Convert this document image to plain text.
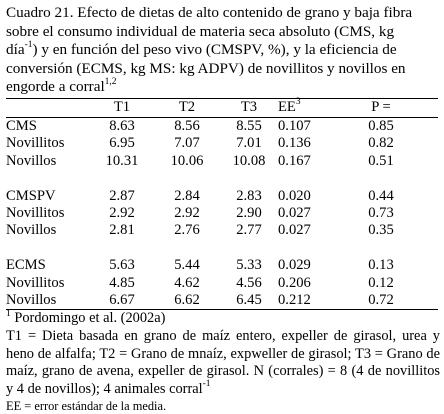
Cuadro 21. Efecto de dietas de alto contenido de grano y baja fibra
sobre el consumo individual de materia seca absoluto (CMS, kg
día$^{-1}$) y en función del peso vivo (CMSPV, %), y la eficiencia de
conversión (ECMS, kg MS: kg ADPV) de novillitos y novillos en
engorde a corral$^{1,2}$
	T1	T2	T3	$EE^3$	P =
CMS	8.63	8.56	8.55	0.107	0.85
Novillitos	6.95	7.07	7.01	0.136	0.82
Novillos	10.31	10.06	10.08	0.167	0.51

CMSPV	2.87	2.84	2.83	0.020	0.44
Novillitos	2.92	2.92	2.90	0.027	0.73
Novillos	2.81	2.76	2.77	0.027	0.35

ECMS	5.63	5.44	5.33	0.029	0.13
Novillitos	4.85	4.62	4.56	0.206	0.12
Novillos	6.67	6.62	6.45	0.212	0.72

$^1$ Pordomingo et al. (2002a)

T1 = Dieta basada en grano de maíz entero, expeller de girasol, urea y heno de alfalfa; T2 = Grano de mnaíz, expweller de girasol; T3 = Grano de maíz, grano de avena, expeller de girasol. N (corrales) = 8 (4 de novillitos y 4 de novillos); 4 animales corral$^{-1}$

EE = error estándar de la media.
